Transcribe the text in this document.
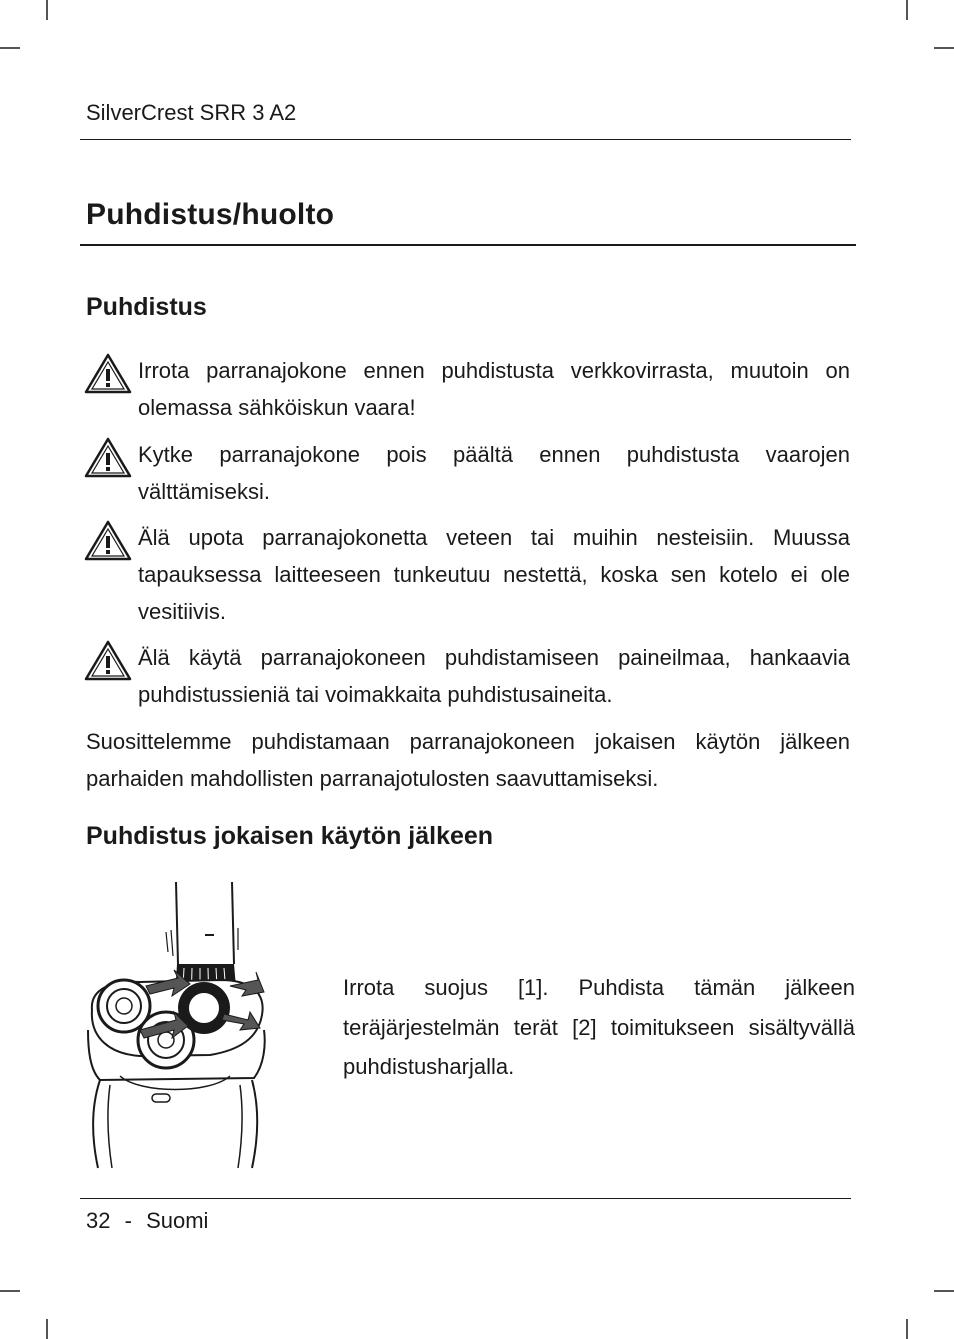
SilverCrest SRR 3 A2
Puhdistus/huolto
Puhdistus

Irrota parranajokone ennen puhdistusta verkkovirrasta, muutoin on olemassa sähköiskun vaara!

Kytke parranajokone pois päältä ennen puhdistusta vaarojen välttämiseksi.

Älä upota parranajokonetta veteen tai muihin nesteisiin. Muussa tapauksessa laitteeseen tunkeutuu nestettä, koska sen kotelo ei ole vesitiivis.

Älä käytä parranajokoneen puhdistamiseen paineilmaa, hankaavia puhdistussieniä tai voimakkaita puhdistusaineita.

Suosittelemme puhdistamaan parranajokoneen jokaisen käytön jälkeen parhaiden mahdollisten parranajotulosten saavuttamiseksi.

Puhdistus jokaisen käytön jälkeen

Irrota suojus [1]. Puhdista tämän jälkeen teräjärjestelmän terät [2] toimitukseen sisältyvällä puhdistusharjalla.

32 - Suomi
